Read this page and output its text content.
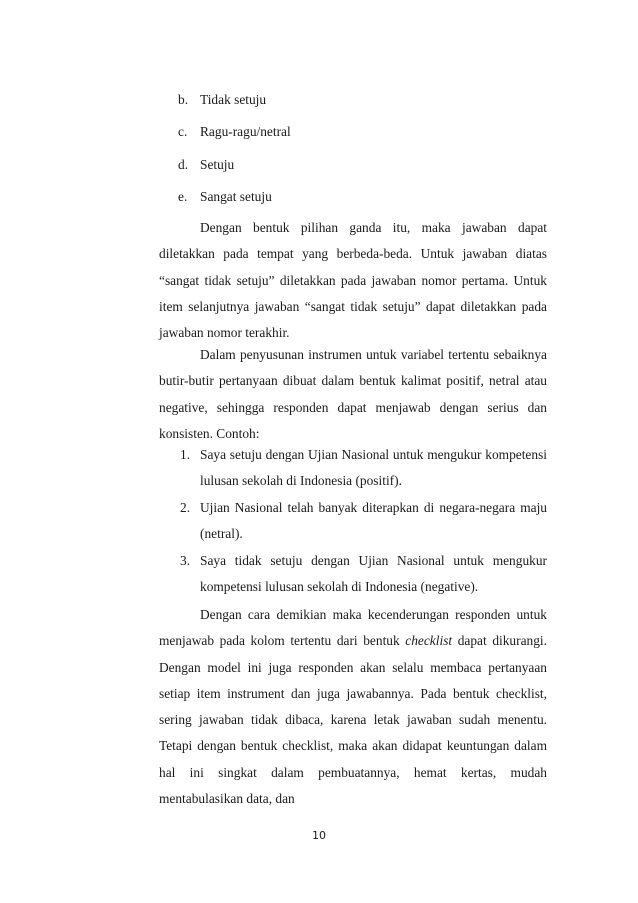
b. Tidak setuju
c. Ragu-ragu/netral
d. Setuju
e. Sangat setuju

Dengan bentuk pilihan ganda itu, maka jawaban dapat diletakkan pada tempat yang berbeda-beda. Untuk jawaban diatas “sangat tidak setuju” diletakkan pada jawaban nomor pertama. Untuk item selanjutnya jawaban “sangat tidak setuju” dapat diletakkan pada jawaban nomor terakhir.

Dalam penyusunan instrumen untuk variabel tertentu sebaiknya butir-butir pertanyaan dibuat dalam bentuk kalimat positif, netral atau negative, sehingga responden dapat menjawab dengan serius dan konsisten. Contoh:

1. Saya setuju dengan Ujian Nasional untuk mengukur kompetensi lulusan sekolah di Indonesia (positif).
2. Ujian Nasional telah banyak diterapkan di negara-negara maju (netral).
3. Saya tidak setuju dengan Ujian Nasional untuk mengukur kompetensi lulusan sekolah di Indonesia (negative).

Dengan cara demikian maka kecenderungan responden untuk menjawab pada kolom tertentu dari bentuk checklist dapat dikurangi. Dengan model ini juga responden akan selalu membaca pertanyaan setiap item instrument dan juga jawabannya. Pada bentuk checklist, sering jawaban tidak dibaca, karena letak jawaban sudah menentu. Tetapi dengan bentuk checklist, maka akan didapat keuntungan dalam hal ini singkat dalam pembuatannya, hemat kertas, mudah mentabulasikan data, dan

10
